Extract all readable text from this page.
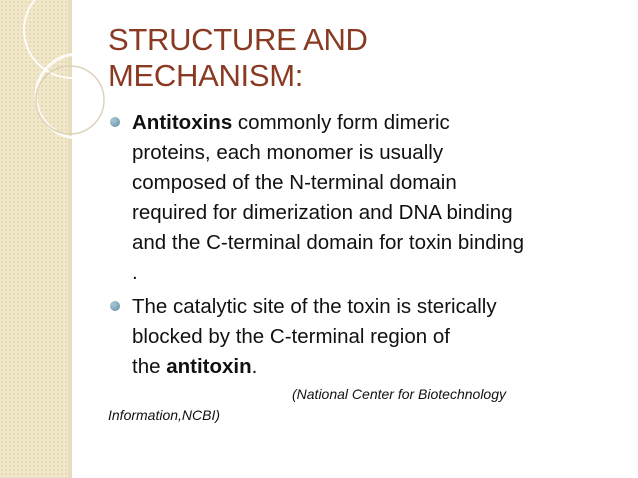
STRUCTURE AND
MECHANISM:
Antitoxins commonly form dimeric
proteins, each monomer is usually
composed of the N-terminal domain
required for dimerization and DNA binding
and the C-terminal domain for toxin binding
.
The catalytic site of the toxin is sterically
blocked by the C-terminal region of
the antitoxin.
(National Center for Biotechnology
Information,NCBI)
